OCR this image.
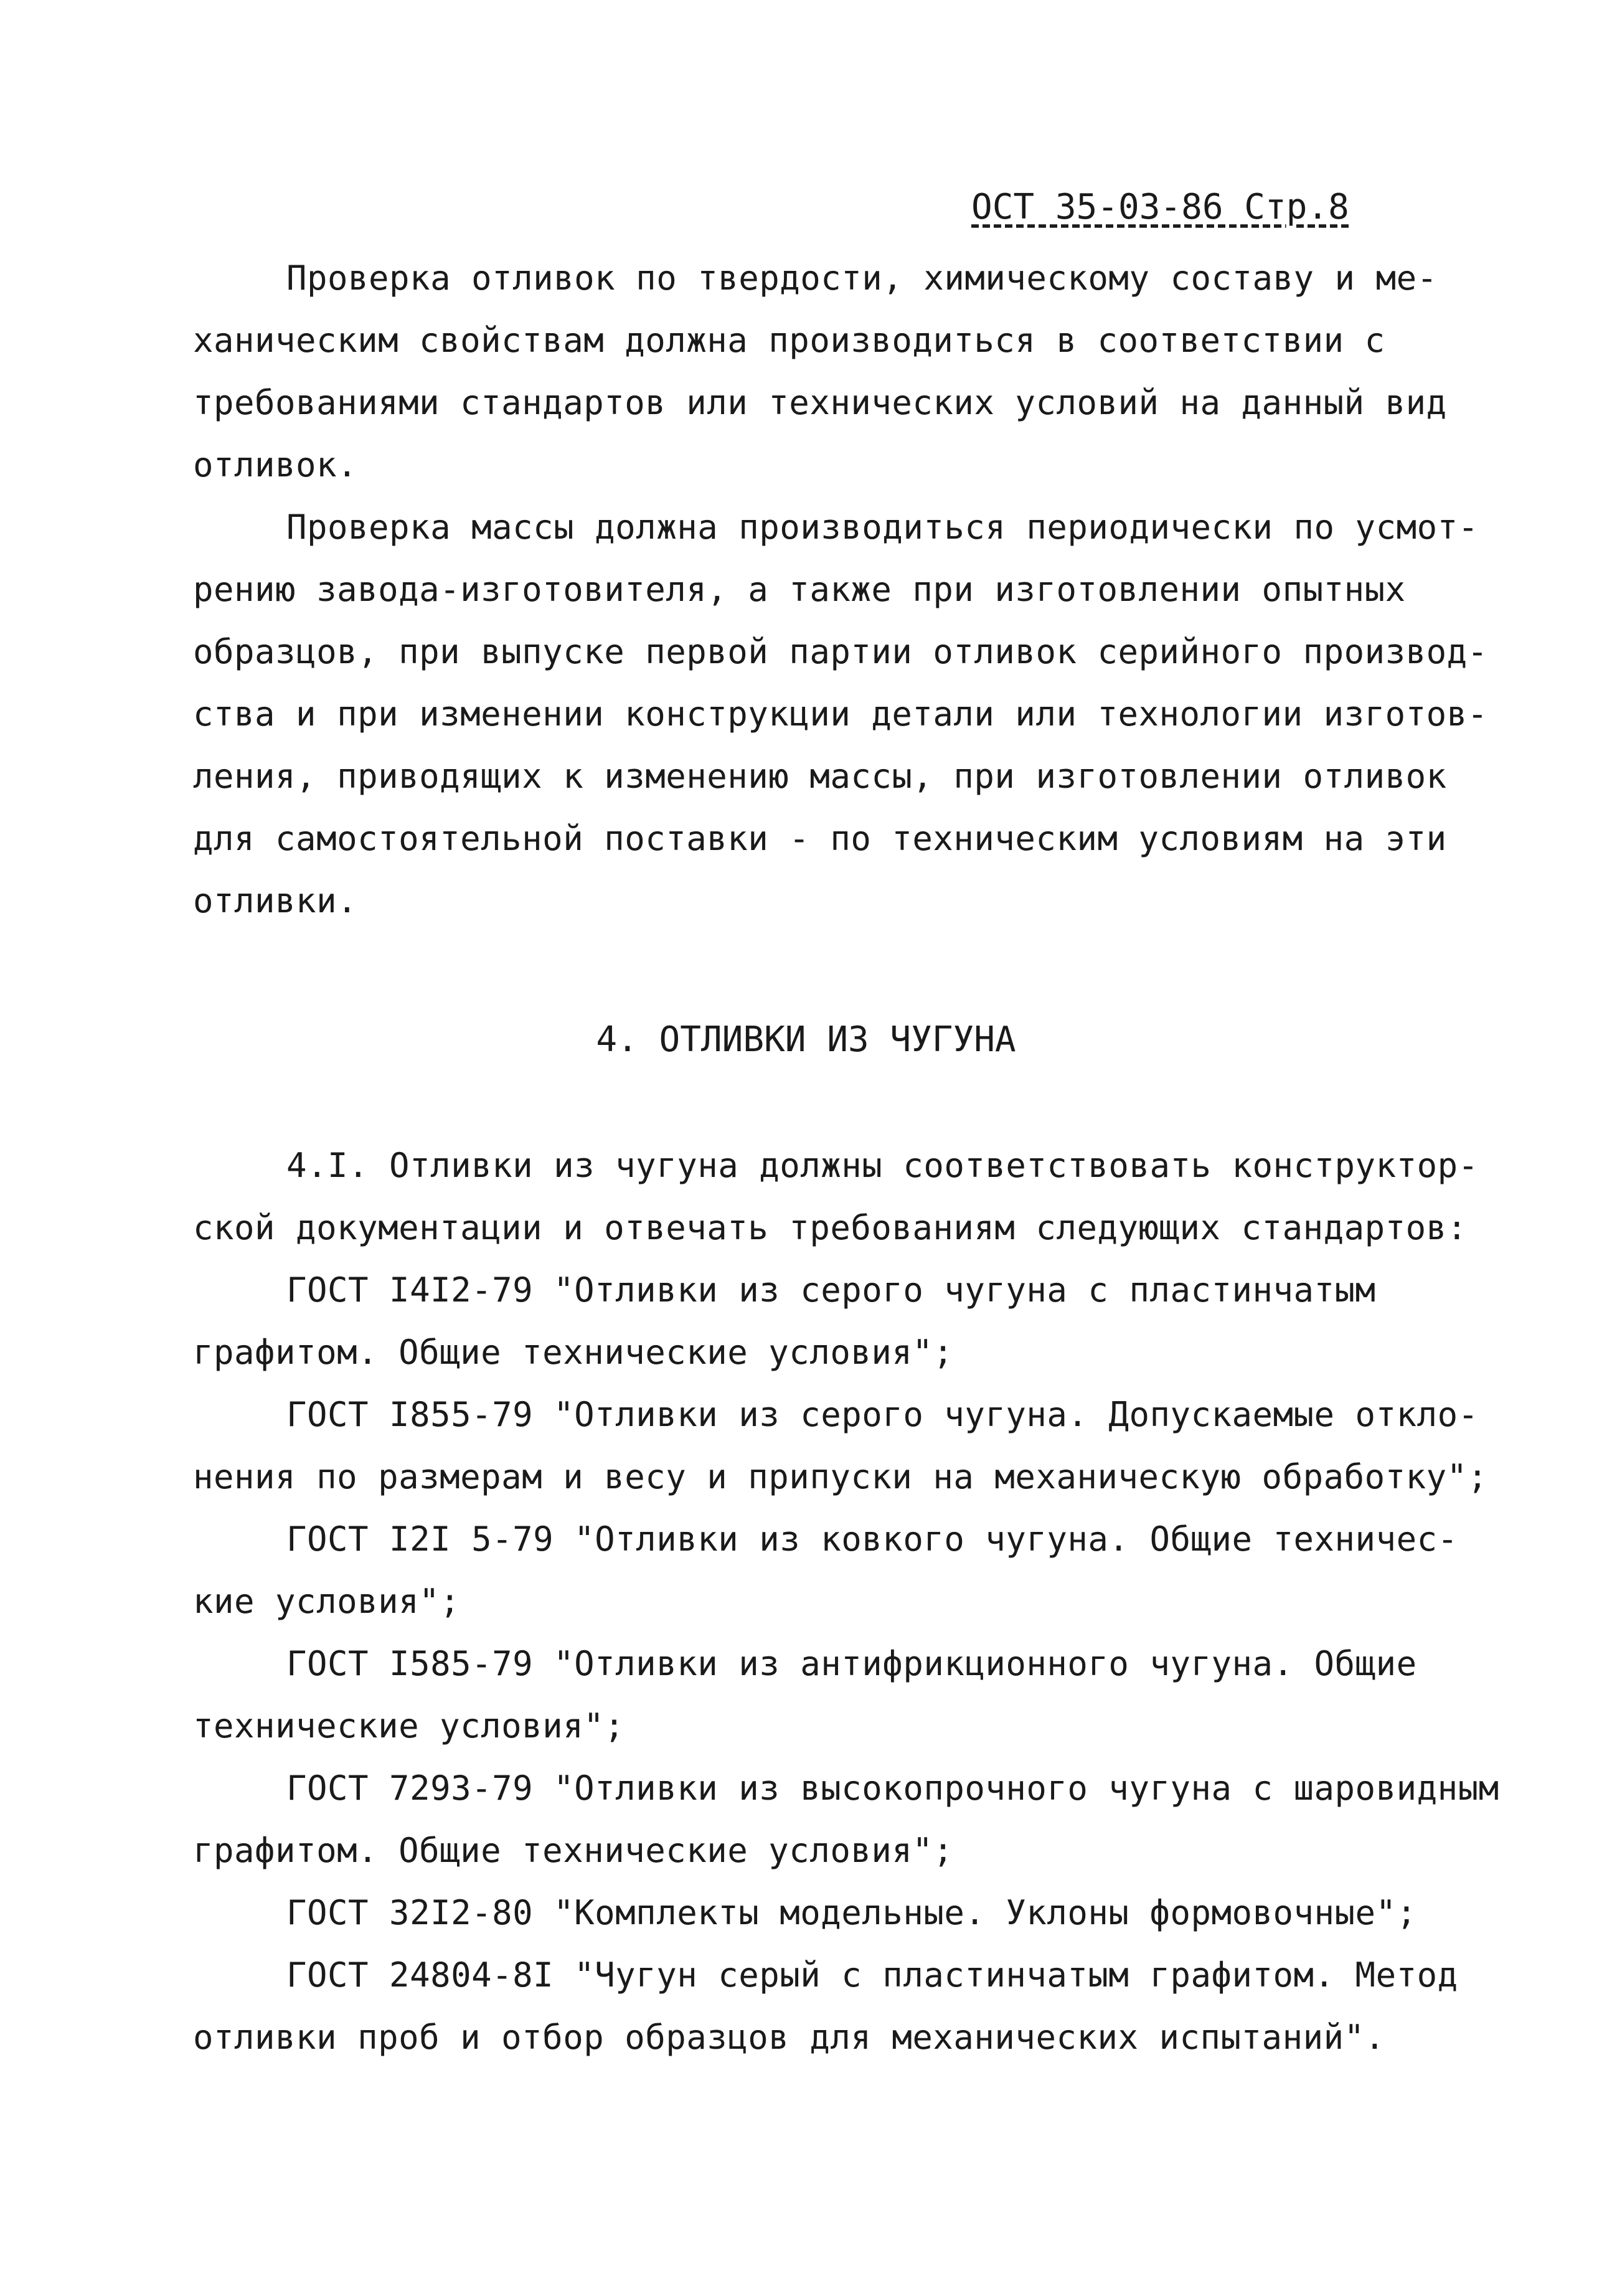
ОСТ 35-03-86 Стр.8
Проверка отливок по твердости, химическому составу и ме-
ханическим свойствам должна производиться в соответствии с
требованиями стандартов или технических условий на данный вид
отливок.
Проверка массы должна производиться периодически по усмот-
рению завода-изготовителя, а также при изготовлении опытных
образцов, при выпуске первой партии отливок серийного производ-
ства и при изменении конструкции детали или технологии изготов-
ления, приводящих к изменению массы, при изготовлении отливок
для самостоятельной поставки - по техническим условиям на эти
отливки.
4. ОТЛИВКИ ИЗ ЧУГУНА
4.I. Отливки из чугуна должны соответствовать конструктор-
ской документации и отвечать требованиям следующих стандартов:
ГОСТ I4I2-79 "Отливки из серого чугуна с пластинчатым
графитом. Общие технические условия";
ГОСТ I855-79 "Отливки из серого чугуна. Допускаемые откло-
нения по размерам и весу и припуски на механическую обработку";
ГОСТ I2I 5-79 "Отливки из ковкого чугуна. Общие техничес-
кие условия";
ГОСТ I585-79 "Отливки из антифрикционного чугуна. Общие
технические условия";
ГОСТ 7293-79 "Отливки из высокопрочного чугуна с шаровидным
графитом. Общие технические условия";
ГОСТ 32I2-80 "Комплекты модельные. Уклоны формовочные";
ГОСТ 24804-8I "Чугун серый с пластинчатым графитом. Метод
отливки проб и отбор образцов для механических испытаний".
